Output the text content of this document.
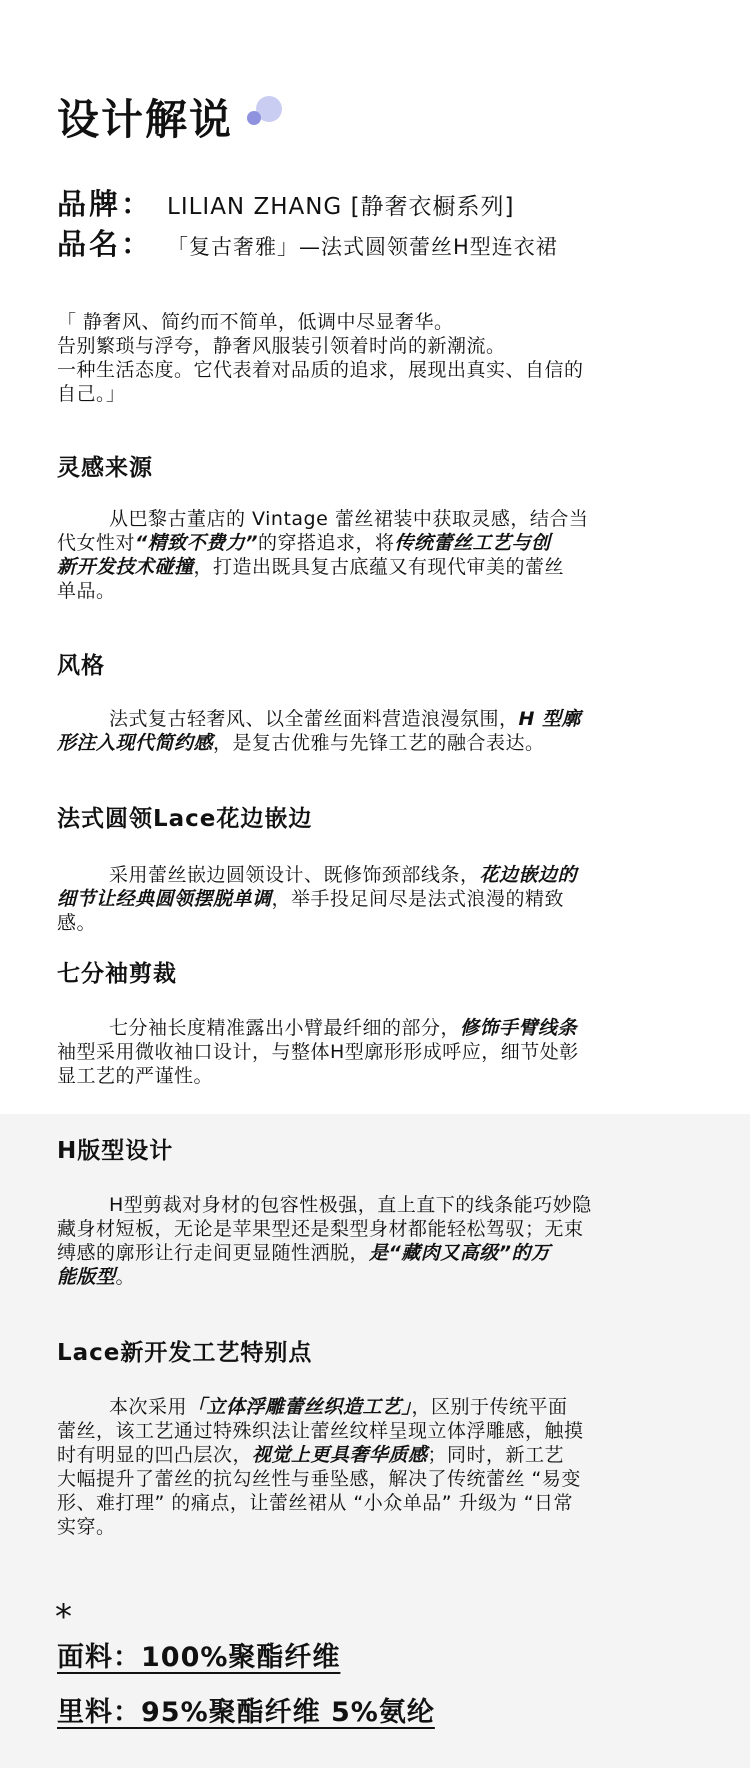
设计解说
品牌： LILIAN ZHANG [静奢衣橱系列]
品名： 「复古奢雅」—法式圆领蕾丝H型连衣裙
「 静奢风、简约而不简单，低调中尽显奢华。
告别繁琐与浮夸，静奢风服装引领着时尚的新潮流。
一种生活态度。它代表着对品质的追求，展现出真实、自信的
自己。」
灵感来源
从巴黎古董店的 Vintage 蕾丝裙装中获取灵感，结合当
代女性对“精致不费力”的穿搭追求，将传统蕾丝工艺与创
新开发技术碰撞，打造出既具复古底蕴又有现代审美的蕾丝
单品。
风格
法式复古轻奢风、以全蕾丝面料营造浪漫氛围，H 型廓
形注入现代简约感，是复古优雅与先锋工艺的融合表达。
法式圆领Lace花边嵌边
采用蕾丝嵌边圆领设计、既修饰颈部线条，花边嵌边的
细节让经典圆领摆脱单调，举手投足间尽是法式浪漫的精致
感。
七分袖剪裁
七分袖长度精准露出小臂最纤细的部分，修饰手臂线条
袖型采用微收袖口设计，与整体H型廓形形成呼应，细节处彰
显工艺的严谨性。
H版型设计
H型剪裁对身材的包容性极强，直上直下的线条能巧妙隐
藏身材短板，无论是苹果型还是梨型身材都能轻松驾驭；无束
缚感的廓形让行走间更显随性洒脱，是“藏肉又高级”的万
能版型。
Lace新开发工艺特别点
本次采用「立体浮雕蕾丝织造工艺」，区别于传统平面
蕾丝，该工艺通过特殊织法让蕾丝纹样呈现立体浮雕感，触摸
时有明显的凹凸层次，视觉上更具奢华质感；同时，新工艺
大幅提升了蕾丝的抗勾丝性与垂坠感，解决了传统蕾丝 “易变
形、难打理” 的痛点，让蕾丝裙从 “小众单品” 升级为 “日常
实穿。
*
面料：100%聚酯纤维
里料：95%聚酯纤维 5%氨纶
